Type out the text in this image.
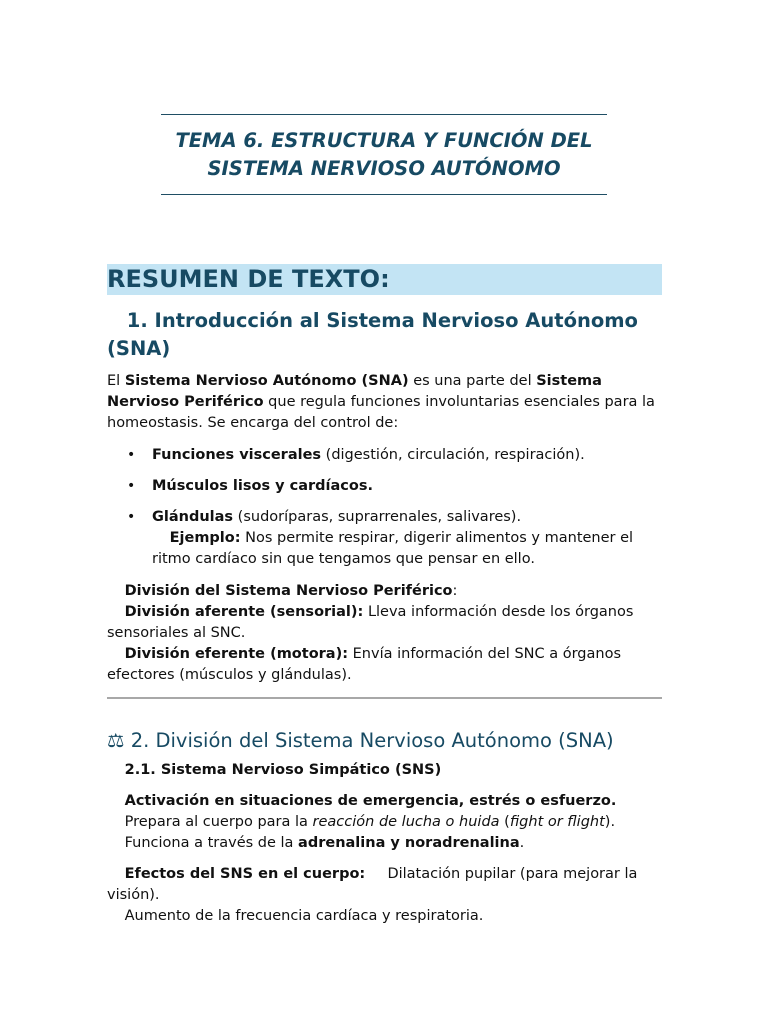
TEMA 6. ESTRUCTURA Y FUNCIÓN DEL
SISTEMA NERVIOSO AUTÓNOMO
RESUMEN DE TEXTO:
1. Introducción al Sistema Nervioso Autónomo (SNA)

El Sistema Nervioso Autónomo (SNA) es una parte del Sistema Nervioso Periférico que regula funciones involuntarias esenciales para la homeostasis. Se encarga del control de:

• Funciones viscerales (digestión, circulación, respiración).
• Músculos lisos y cardíacos.
• Glándulas (sudoríparas, suprarrenales, salivares).
Ejemplo: Nos permite respirar, digerir alimentos y mantener el ritmo cardíaco sin que tengamos que pensar en ello.

División del Sistema Nervioso Periférico:

División aferente (sensorial): Lleva información desde los órganos sensoriales al SNC.

División eferente (motora): Envía información del SNC a órganos efectores (músculos y glándulas).

⚖ 2. División del Sistema Nervioso Autónomo (SNA)

2.1. Sistema Nervioso Simpático (SNS)

Activación en situaciones de emergencia, estrés o esfuerzo.

Prepara al cuerpo para la reacción de lucha o huida (fight or flight).

Funciona a través de la adrenalina y noradrenalina.

Efectos del SNS en el cuerpo:  Dilatación pupilar (para mejorar la visión).

Aumento de la frecuencia cardíaca y respiratoria.
